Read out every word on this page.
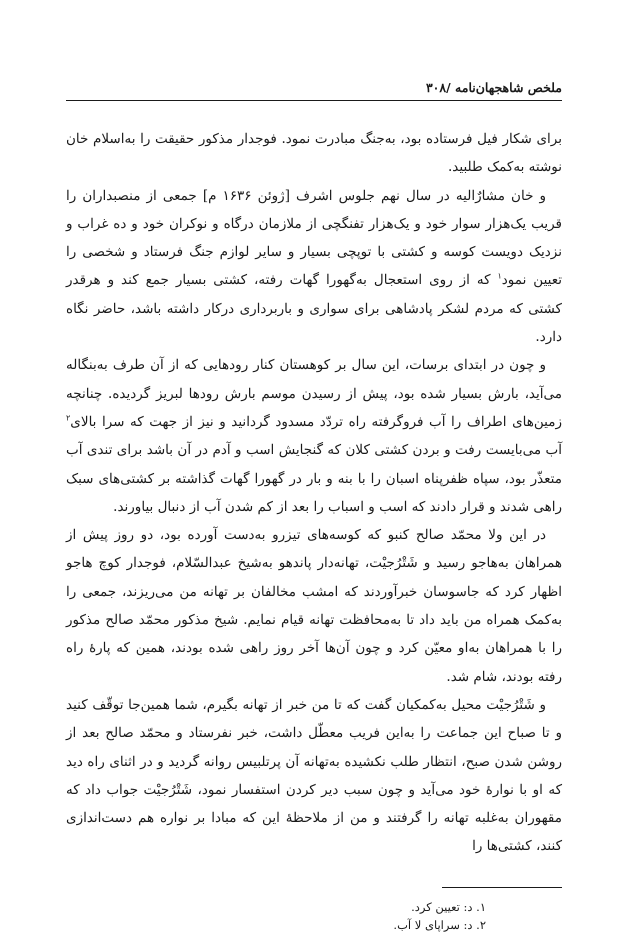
ملخص شاهجهان‌نامه /۳۰۸

برای شکار فیل فرستاده بود، به‌جنگ مبادرت نمود. فوجدار مذکور حقیقت را به‌اسلام خان نوشته به‌کمک طلبید.

و خان مشارٌالیه در سال نهم جلوس اشرف [ژوئن ۱۶۳۶ م] جمعی از منصبداران را قریب یک‌هزار سوار خود و یک‌هزار تفنگچی از ملازمان درگاه و نوکران خود و ده غراب و نزدیک دویست کوسه و کشتی با توپچی بسیار و سایر لوازم جنگ فرستاد و شخصی را تعیین نمود$^۱$ که از روی استعجال به‌گهورا گهات رفته، کشتی بسیار جمع کند و هرقدر کشتی که مردم لشکر پادشاهی برای سواری و باربرداری درکار داشته باشد، حاضر نگاه دارد.

و چون در ابتدای برسات، این سال بر کوهستان کنار رودهایی که از آن طرف به‌بنگاله می‌آید، بارش بسیار شده بود، پیش از رسیدن موسم بارش رودها لبریز گردیده. چنانچه زمین‌های اطراف را آب فروگرفته راه تردّد مسدود گردانید و نیز از جهت که سرا بالای$^۲$ آب می‌بایست رفت و بردن کشتی کلان که گنجایش اسب و آدم در آن باشد برای تندی آب متعذّر بود، سپاه ظفرپناه اسبان را با بنه و بار در گهورا گهات گذاشته بر کشتی‌های سبک راهی شدند و قرار دادند که اسب و اسباب را بعد از کم شدن آب از دنبال بیاورند.

در این ولا محمّد صالح کنبو که کوسه‌های تیزرو به‌دست آورده بود، دو روز پیش از همراهان به‌هاجو رسید و شَتْرُجیْت، تهانه‌دار پاندهو به‌شیخ عبدالسّلام، فوجدار کوچ هاجو اظهار کرد که جاسوسان خبرآوردند که امشب مخالفان بر تهانه من می‌ریزند، جمعی را به‌کمک همراه من باید داد تا به‌محافظت تهانه قیام نمایم. شیخ مذکور محمّد صالح مذکور را با همراهان به‌او معیّن کرد و چون آن‌ها آخر روز راهی شده بودند، همین که پارهٔ راه رفته بودند، شام شد.

و شَتْرُجیْت محیل به‌کمکیان گفت که تا من خبر از تهانه بگیرم، شما همین‌جا توقّف کنید و تا صباح این جماعت را به‌این فریب معطّل داشت، خبر نفرستاد و محمّد صالح بعد از روشن شدن صبح، انتظار طلب نکشیده به‌تهانه آن پرتلبیس روانه گردید و در اثنای راه دید که او با نوارهٔ خود می‌آید و چون سبب دیر کردن استفسار نمود، شَتْرُجیْت جواب داد که مقهوران به‌غلبه تهانه را گرفتند و من از ملاحظهٔ این که مبادا بر نواره هم دست‌اندازی کنند، کشتی‌ها را

۱. د: تعیین کرد.
۲. د: سراپای لا آب.
